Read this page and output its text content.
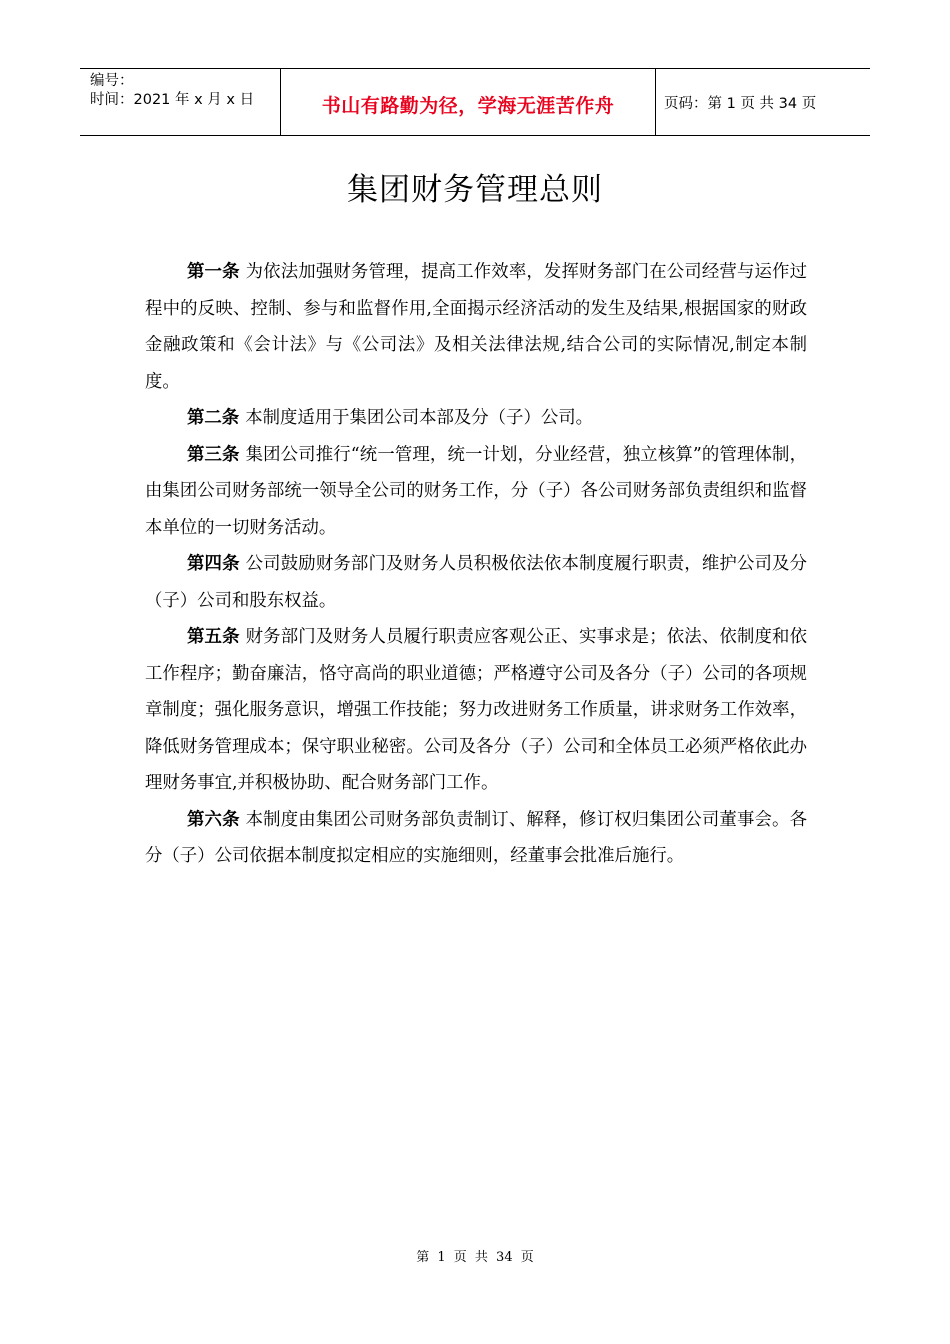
编号：
时间：2021 年 x 月 x 日	书山有路勤为径，学海无涯苦作舟	页码：第 1 页 共 34 页
集团财务管理总则

第一条 为依法加强财务管理，提高工作效率，发挥财务部门在公司经营与运作过程中的反映、控制、参与和监督作用,全面揭示经济活动的发生及结果,根据国家的财政金融政策和《会计法》与《公司法》及相关法律法规,结合公司的实际情况,制定本制度。

第二条 本制度适用于集团公司本部及分（子）公司。

第三条 集团公司推行“统一管理，统一计划，分业经营，独立核算”的管理体制，由集团公司财务部统一领导全公司的财务工作，分（子）各公司财务部负责组织和监督本单位的一切财务活动。

第四条 公司鼓励财务部门及财务人员积极依法依本制度履行职责，维护公司及分（子）公司和股东权益。

第五条 财务部门及财务人员履行职责应客观公正、实事求是；依法、依制度和依工作程序；勤奋廉洁，恪守高尚的职业道德；严格遵守公司及各分（子）公司的各项规章制度；强化服务意识，增强工作技能；努力改进财务工作质量，讲求财务工作效率，降低财务管理成本；保守职业秘密。公司及各分（子）公司和全体员工必须严格依此办理财务事宜,并积极协助、配合财务部门工作。

第六条 本制度由集团公司财务部负责制订、解释，修订权归集团公司董事会。各分（子）公司依据本制度拟定相应的实施细则，经董事会批准后施行。

第 1 页 共 34 页
